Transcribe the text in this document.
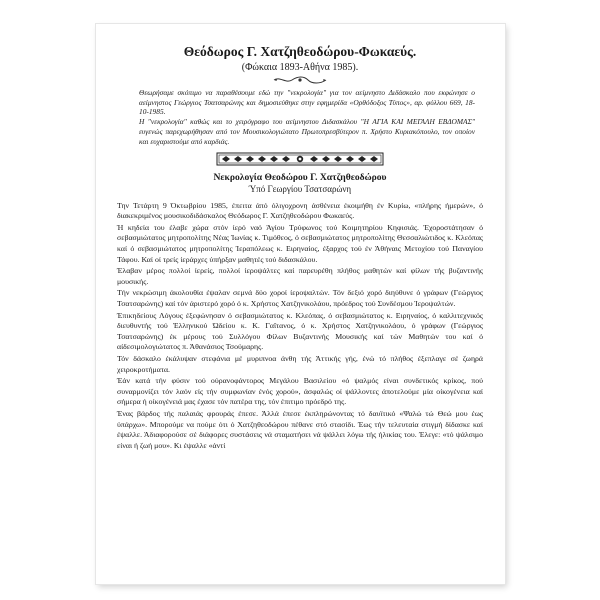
Θεόδωρος Γ. Χατζηθεοδώρου-Φωκαεύς.
(Φώκαια 1893-Αθήνα 1985).

Θεωρήσαμε σκόπιμο να παραθέσουμε εδώ την "νεκρολογία" για τον αείμνηστο Διδάσκαλο που εκφώνησε ο αείμνηστος Γεώργιος Τσατσαρώνης και δημοσιεύθηκε στην εφημερίδα «Ορθόδοξος Τύπος», αρ. φύλλου 669, 18-10-1985.

Η "νεκρολογία" καθώς και το χειρόγραφο του αείμνηστου Διδασκάλου "Η ΑΓΙΑ ΚΑΙ ΜΕΓΑΛΗ ΕΒΔΟΜΑΣ" ευγενώς παρεχωρήθησαν από τον Μουσικολογιώτατο Πρωτοπρεσβύτερον π. Χρήστο Κυριακόπουλο, τον οποίον και ευχαριστούμε από καρδιάς.

Νεκρολογία Θεοδώρου Γ. Χατζηθεοδώρου
Ύπό Γεωργίου Τσατσαρώνη

Την Τετάρτη 9 Όκτωβρίου 1985, έπειτα άπό όλιγοχρονη άσθένεια έκοιμήθη έν Κυρίω, «πλήρης ήμερών», ό διακεκριμένος μουσικοδιδάσκαλος Θεόδωρος Γ. Χατζηθεοδώρου Φωκαεύς.

Ή κηδεία του έλαβε χώρα στόν ίερό ναό Άγίου Τρύφωνος τού Κοιμητηρίου Κηφισιάς. Έχοροστάτησαν ό σεβασμιώτατος μητροπολίτης Νέας Ίωνίας κ. Τιμόθεος, ό σεβασμιώτατος μητροπολίτης Θεσσαλιώτιδος κ. Κλεόπας καί ό σεβασμιώτατος μητροπολίτης Ίεραπόλεως κ. Ειρηναίος, έξαρχος τού έν Άθήναις Μετοχίου τού Παναγίου Τάφου. Καί οί τρείς ίεράρχες ύπήρξαν μαθητές τού διδασκάλου.

Έλαβαν μέρος πολλοί ίερείς, πολλοί ίεροψάλτες καί παρευρέθη πλήθος μαθητών καί φίλων τής βυζαντινής μουσικής.

Τήν νεκρώσιμη άκολουθία έψαλαν σεμνά δύο χοροί ίεροψαλτών. Τόν δεξιό χορό διηύθυνε ό γράφων (Γεώργιος Τσατσαρώνης) καί τόν άριστερό χορό ό κ. Χρήστος Χατζηνικολάου, πρόεδρος τού Συνδέσμου Ίεροψαλτών.

Έπικηδείους Λόγους έξεφώνησαν ό σεβασμιώτατος κ. Κλεόπας, ό σεβασμιώτατος κ. Ειρηναίος, ό καλλιτεχνικός διευθυντής τού Έλληνικού Ώδείου κ. Κ. Γαΐτανος, ό κ. Χρήστος Χατζηνικολάου, ό γράφων (Γεώργιος Τσατσαρώνης) έκ μέρους τού Συλλόγου Φίλων Βυζαντινής Μουσικής καί τών Μαθητών του καί ό αίδεσιμολογιώτατος π. Άθανάσιος Τσούμαρης.

Τόν δάσκαλο έκάλυψαν στεφάνια μέ μυριπνοα άνθη τής Άττικής γής, ένώ τό πλήθος έξεπλαγε σέ ζωηρά χειροκροτήματα.

Έάν κατά τήν φύσιν τού ούρανοφάντορος Μεγάλου Βασιλείου «ό ψαλμός είναι συνδετικός κρίκος, πού συναρμονίζει τόν λαόν είς τήν συμφωνίαν ένός χορού», άσφαλώς οί ψάλλοντες άποτελούμε μία οίκογένεια καί σήμερα ή οίκογένειά μας έχασε τόν πατέρα της, τόν έπιτιμο πρόεδρό της.

Ένας βάρδος τής παλαιάς φρουράς έπεσε. Άλλά έπεσε έκπληρώνοντας τό δαυϊτικό «Ψαλώ τώ Θεώ μου έως ύπάρχω». Μπορούμε να πούμε ότι ό Χατζηθεοδώρου πέθανε στό στασίδι. Έως τήν τελευταία στιγμή δίδασκε καί έψαλλε. Άδιαφορούσε σέ διάφορες συστάσεις νά σταματήσει νά ψάλλει λόγω τής ήλικίας του. Έλεγε: «τό ψάλσιμο είναι ή ζωή μου». Κι έψαλλε «άντί
